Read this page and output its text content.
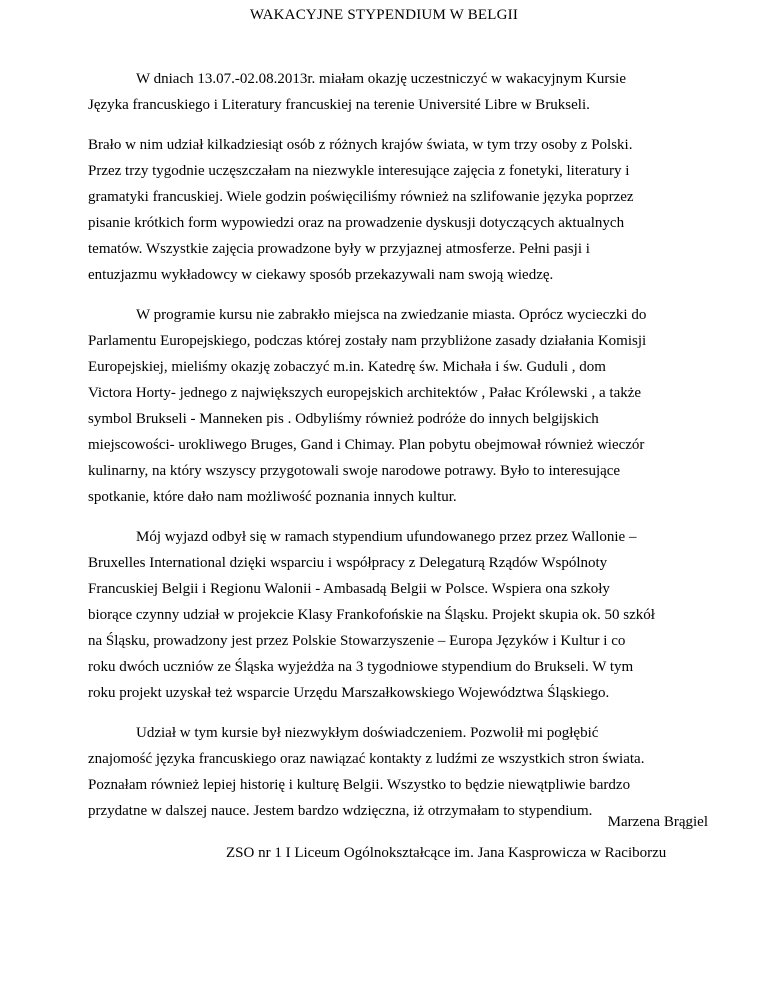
WAKACYJNE STYPENDIUM W BELGII
W dniach 13.07.-02.08.2013r. miałam okazję uczestniczyć w wakacyjnym Kursie
Języka francuskiego i Literatury francuskiej na terenie Université Libre w Brukseli.
Brało w nim udział kilkadziesiąt osób z różnych krajów świata, w tym trzy osoby z Polski.
Przez trzy tygodnie uczęszczałam na niezwykle interesujące zajęcia z fonetyki, literatury i
gramatyki francuskiej. Wiele godzin poświęciliśmy również na szlifowanie języka poprzez
pisanie krótkich form wypowiedzi oraz na prowadzenie dyskusji dotyczących aktualnych
tematów. Wszystkie zajęcia prowadzone były w przyjaznej atmosferze. Pełni pasji i
entuzjazmu wykładowcy w ciekawy sposób przekazywali nam swoją wiedzę.
W programie kursu nie zabrakło miejsca na zwiedzanie miasta. Oprócz wycieczki do
Parlamentu Europejskiego, podczas której zostały nam przybliżone zasady działania Komisji
Europejskiej, mieliśmy okazję zobaczyć m.in. Katedrę św. Michała i św. Guduli , dom
Victora Horty- jednego z największych europejskich architektów , Pałac Królewski , a także
symbol Brukseli - Manneken pis . Odbyliśmy również podróże do innych belgijskich
miejscowości- urokliwego Bruges, Gand i Chimay. Plan pobytu obejmował również wieczór
kulinarny, na który wszyscy przygotowali swoje narodowe potrawy. Było to interesujące
spotkanie, które dało nam możliwość poznania innych kultur.
Mój wyjazd odbył się w ramach stypendium ufundowanego przez przez Wallonie –
Bruxelles International dzięki wsparciu i współpracy z Delegaturą Rządów Wspólnoty
Francuskiej Belgii i Regionu Walonii - Ambasadą Belgii w Polsce. Wspiera ona szkoły
biorące czynny udział w projekcie Klasy Frankofońskie na Śląsku. Projekt skupia ok. 50 szkół
na Śląsku, prowadzony jest przez Polskie Stowarzyszenie – Europa Języków i Kultur i co
roku dwóch uczniów ze Śląska wyjeżdża na 3 tygodniowe stypendium do Brukseli. W tym
roku projekt uzyskał też wsparcie Urzędu Marszałkowskiego Województwa Śląskiego.
Udział w tym kursie był niezwykłym doświadczeniem. Pozwolił mi pogłębić
znajomość języka francuskiego oraz nawiązać kontakty z ludźmi ze wszystkich stron świata.
Poznałam również lepiej historię i kulturę Belgii. Wszystko to będzie niewątpliwie bardzo
przydatne w dalszej nauce. Jestem bardzo wdzięczna, iż otrzymałam to stypendium.
Marzena Brągiel
ZSO nr 1 I Liceum Ogólnokształcące im. Jana Kasprowicza w Raciborzu
